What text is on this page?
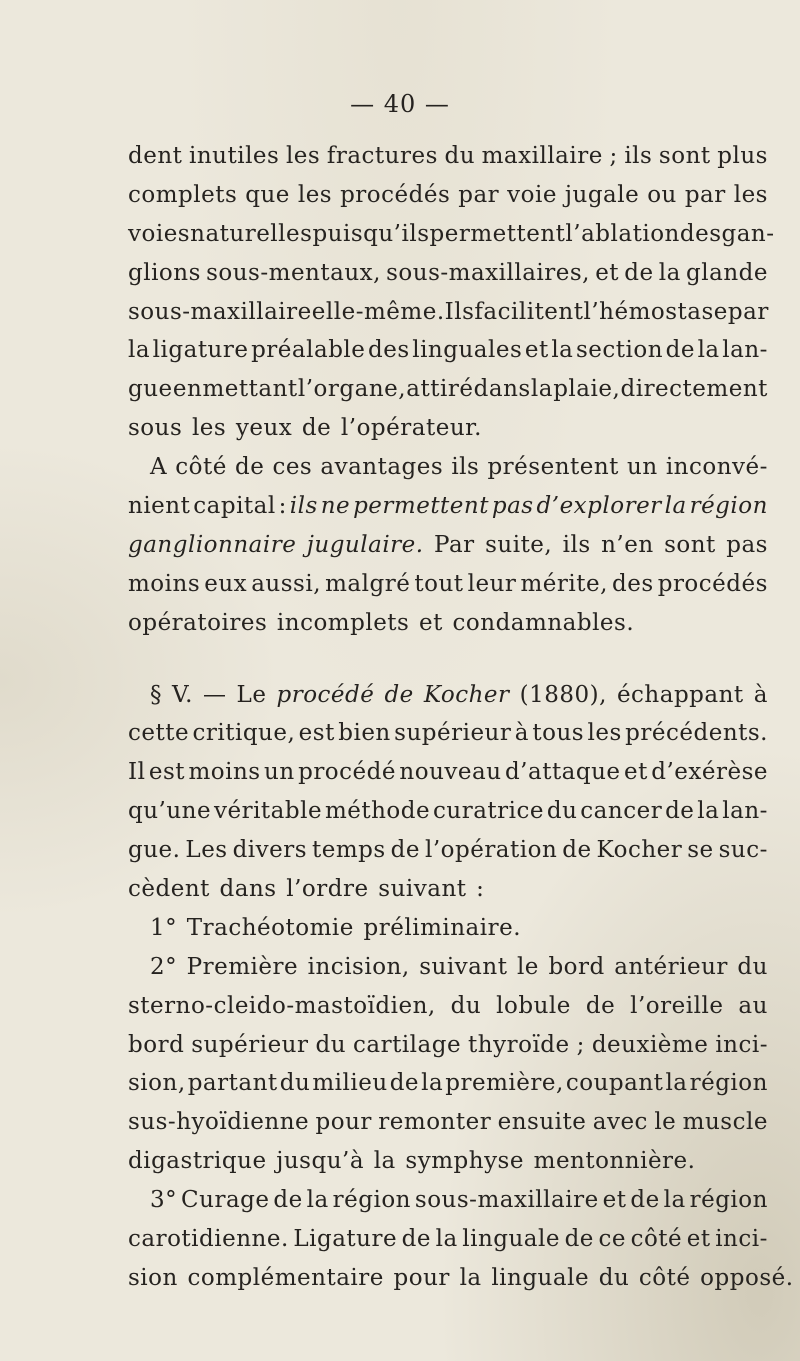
— 40 —
dent inutiles les fractures du maxillaire ; ils sont plus
complets que les procédés par voie jugale ou par les
voies naturelles puisqu’ils permettent l’ablation des gan-
glions sous-mentaux, sous-maxillaires, et de la glande
sous-maxillaire elle-même. Ils facilitent l’hémostase par
la ligature préalable des linguales et la section de la lan-
gue en mettant l’organe, attiré dans la plaie, directement
sous les yeux de l’opérateur.
A côté de ces avantages ils présentent un inconvé-
nient capital : ils ne permettent pas d’explorer la région
ganglionnaire jugulaire. Par suite, ils n’en sont pas
moins eux aussi, malgré tout leur mérite, des procédés
opératoires incomplets et condamnables.
§ V. — Le procédé de Kocher (1880), échappant à
cette critique, est bien supérieur à tous les précédents.
Il est moins un procédé nouveau d’attaque et d’exérèse
qu’une véritable méthode curatrice du cancer de la lan-
gue. Les divers temps de l’opération de Kocher se suc-
cèdent dans l’ordre suivant :
1° Trachéotomie préliminaire.
2° Première incision, suivant le bord antérieur du
sterno-cleido-mastoïdien, du lobule de l’oreille au
bord supérieur du cartilage thyroïde ; deuxième inci-
sion, partant du milieu de la première, coupant la région
sus-hyoïdienne pour remonter ensuite avec le muscle
digastrique jusqu’à la symphyse mentonnière.
3° Curage de la région sous-maxillaire et de la région
carotidienne. Ligature de la linguale de ce côté et inci-
sion complémentaire pour la linguale du côté opposé.
